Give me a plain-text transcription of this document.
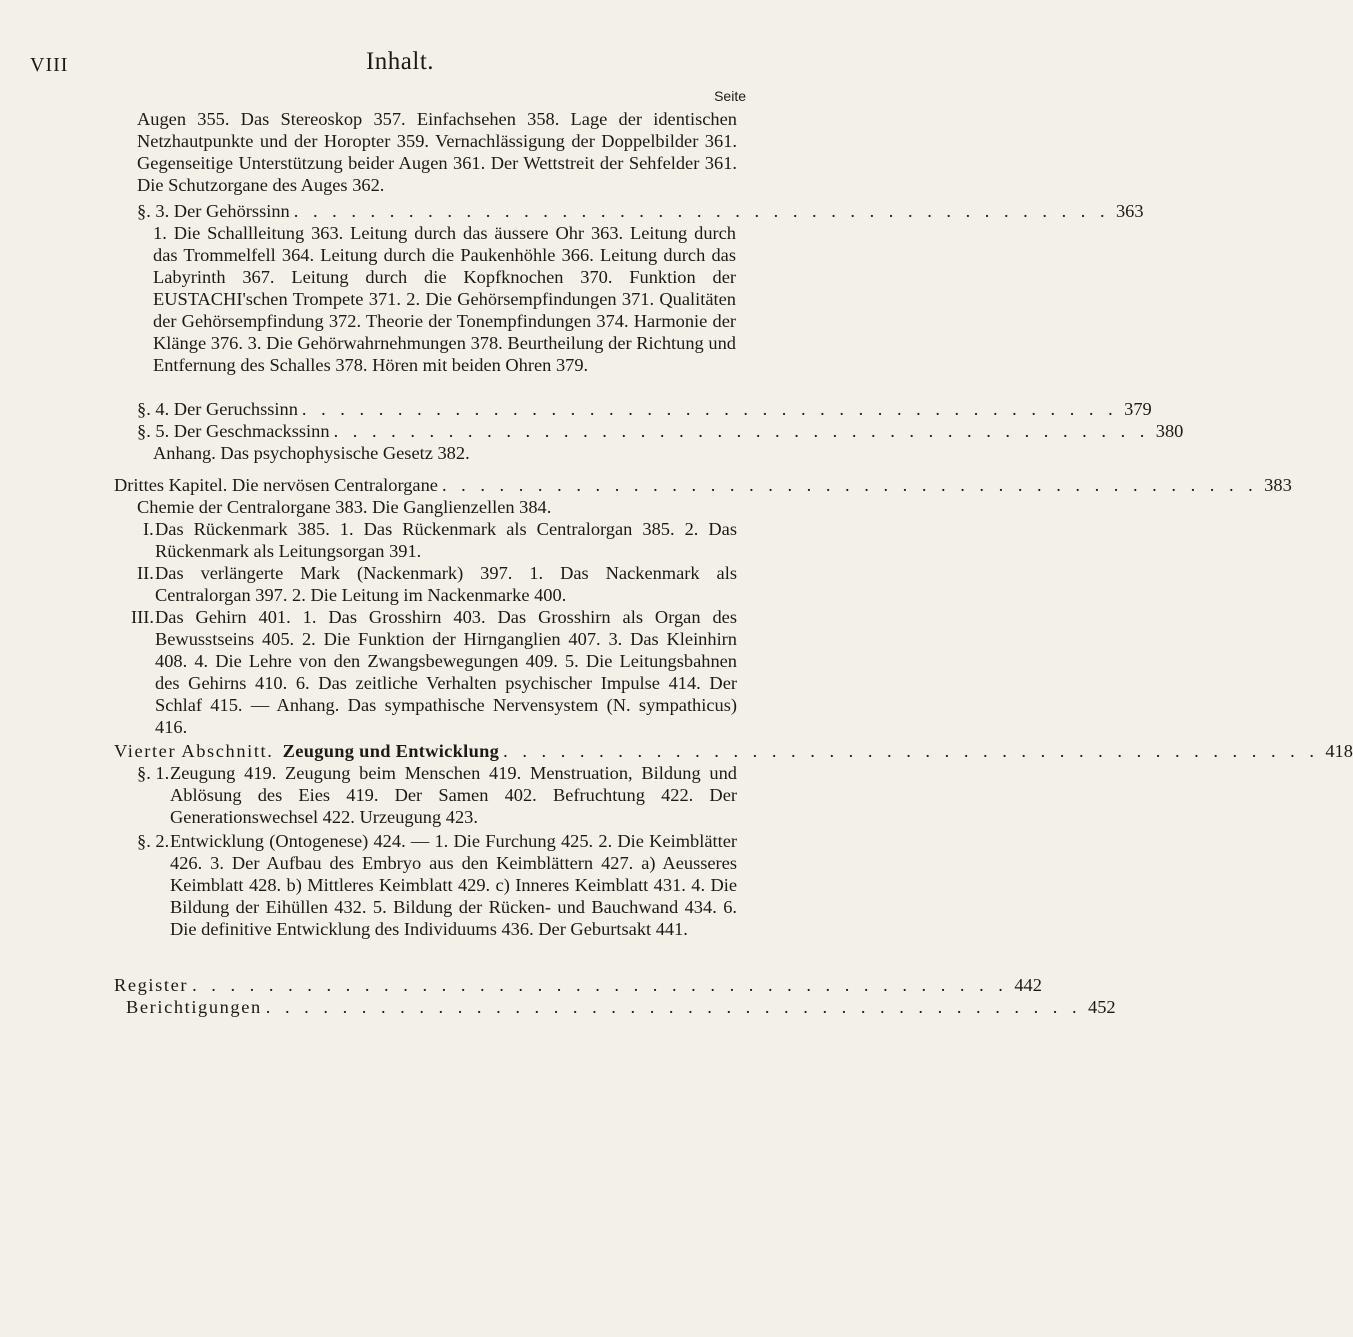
VIII	Inhalt.
Seite
Augen 355. Das Stereoskop 357. Einfachsehen 358. Lage der identischen Netzhautpunkte und der Horopter 359. Vernachlässigung der Doppelbilder 361. Gegenseitige Unterstützung beider Augen 361. Der Wettstreit der Sehfelder 361. Die Schutzorgane des Auges 362.
§. 3. Der Gehörssinn . . . . . . . . . . . . . . . . . . . . . . . . . . . . . . . . . . . . . . . . . . . 363
1. Die Schallleitung 363. Leitung durch das äussere Ohr 363. Leitung durch das Trommelfell 364. Leitung durch die Paukenhöhle 366. Leitung durch das Labyrinth 367. Leitung durch die Kopfknochen 370. Funktion der EUSTACHI'schen Trompete 371. 2. Die Gehörsempfindungen 371. Qualitäten der Gehörsempfindung 372. Theorie der Tonempfindungen 374. Harmonie der Klänge 376. 3. Die Gehörwahrnehmungen 378. Beurtheilung der Richtung und Entfernung des Schalles 378. Hören mit beiden Ohren 379.
§. 4. Der Geruchssinn . . . . . . . . . . . . . . . . . . . . . . . . . . . . . . . . . . . . . . . . . . . 379
§. 5. Der Geschmackssinn . . . . . . . . . . . . . . . . . . . . . . . . . . . . . . . . . . . . . . . . . . . 380
Anhang. Das psychophysische Gesetz 382.
Drittes Kapitel. Die nervösen Centralorgane . . . . . . . . . . . . . . . . . . . . . . . . . . . . . . . . . . . . . . . . . . . 383
Chemie der Centralorgane 383. Die Ganglienzellen 384.
I. Das Rückenmark 385. 1. Das Rückenmark als Centralorgan 385. 2. Das Rückenmark als Leitungsorgan 391.
II. Das verlängerte Mark (Nackenmark) 397. 1. Das Nackenmark als Centralorgan 397. 2. Die Leitung im Nackenmarke 400.
III. Das Gehirn 401. 1. Das Grosshirn 403. Das Grosshirn als Organ des Bewusstseins 405. 2. Die Funktion der Hirnganglien 407. 3. Das Kleinhirn 408. 4. Die Lehre von den Zwangsbewegungen 409. 5. Die Leitungsbahnen des Gehirns 410. 6. Das zeitliche Verhalten psychischer Impulse 414. Der Schlaf 415. — Anhang. Das sympathische Nervensystem (N. sympathicus) 416.
Vierter Abschnitt. Zeugung und Entwicklung . . . . . . . . . . . . . . . . . . . . . . . . . . . . . . . . . . . . . . . . . . . 418
§. 1. Zeugung 419. Zeugung beim Menschen 419. Menstruation, Bildung und Ablösung des Eies 419. Der Samen 402. Befruchtung 422. Der Generationswechsel 422. Urzeugung 423.
§. 2. Entwicklung (Ontogenese) 424. — 1. Die Furchung 425. 2. Die Keimblätter 426. 3. Der Aufbau des Embryo aus den Keimblättern 427. a) Aeusseres Keimblatt 428. b) Mittleres Keimblatt 429. c) Inneres Keimblatt 431. 4. Die Bildung der Eihüllen 432. 5. Bildung der Rücken- und Bauchwand 434. 6. Die definitive Entwicklung des Individuums 436. Der Geburtsakt 441.
Register . . . . . . . . . . . . . . . . . . . . . . . . . . . . . . . . . . . . . . . . . . . 442
Berichtigungen . . . . . . . . . . . . . . . . . . . . . . . . . . . . . . . . . . . . . . . . . . . 452
